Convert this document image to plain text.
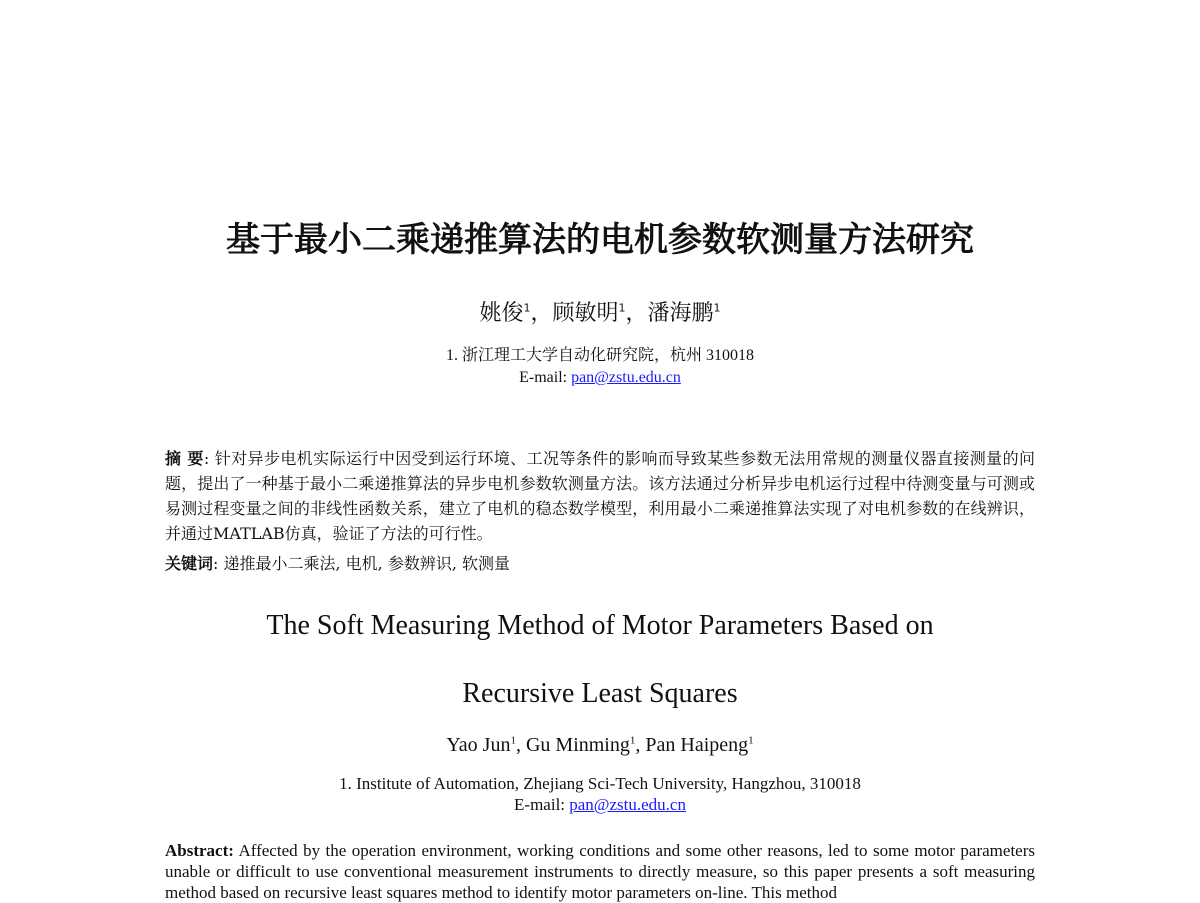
基于最小二乘递推算法的电机参数软测量方法研究
姚俊$^1$，顾敏明$^1$，潘海鹏$^1$
1. 浙江理工大学自动化研究院，杭州 310018
E-mail: pan@zstu.edu.cn
摘 要: 针对异步电机实际运行中因受到运行环境、工况等条件的影响而导致某些参数无法用常规的测量仪器直接测量的问题，提出了一种基于最小二乘递推算法的异步电机参数软测量方法。该方法通过分析异步电机运行过程中待测变量与可测或易测过程变量之间的非线性函数关系，建立了电机的稳态数学模型，利用最小二乘递推算法实现了对电机参数的在线辨识，并通过MATLAB仿真，验证了方法的可行性。
关键词: 递推最小二乘法, 电机, 参数辨识, 软测量
The Soft Measuring Method of Motor Parameters Based on
Recursive Least Squares
Yao Jun$^1$, Gu Minming$^1$, Pan Haipeng$^1$
1. Institute of Automation, Zhejiang Sci-Tech University, Hangzhou, 310018
E-mail: pan@zstu.edu.cn
Abstract: Affected by the operation environment, working conditions and some other reasons, led to some motor parameters unable or difficult to use conventional measurement instruments to directly measure, so this paper presents a soft measuring method based on recursive least squares method to identify motor parameters on-line. This method
